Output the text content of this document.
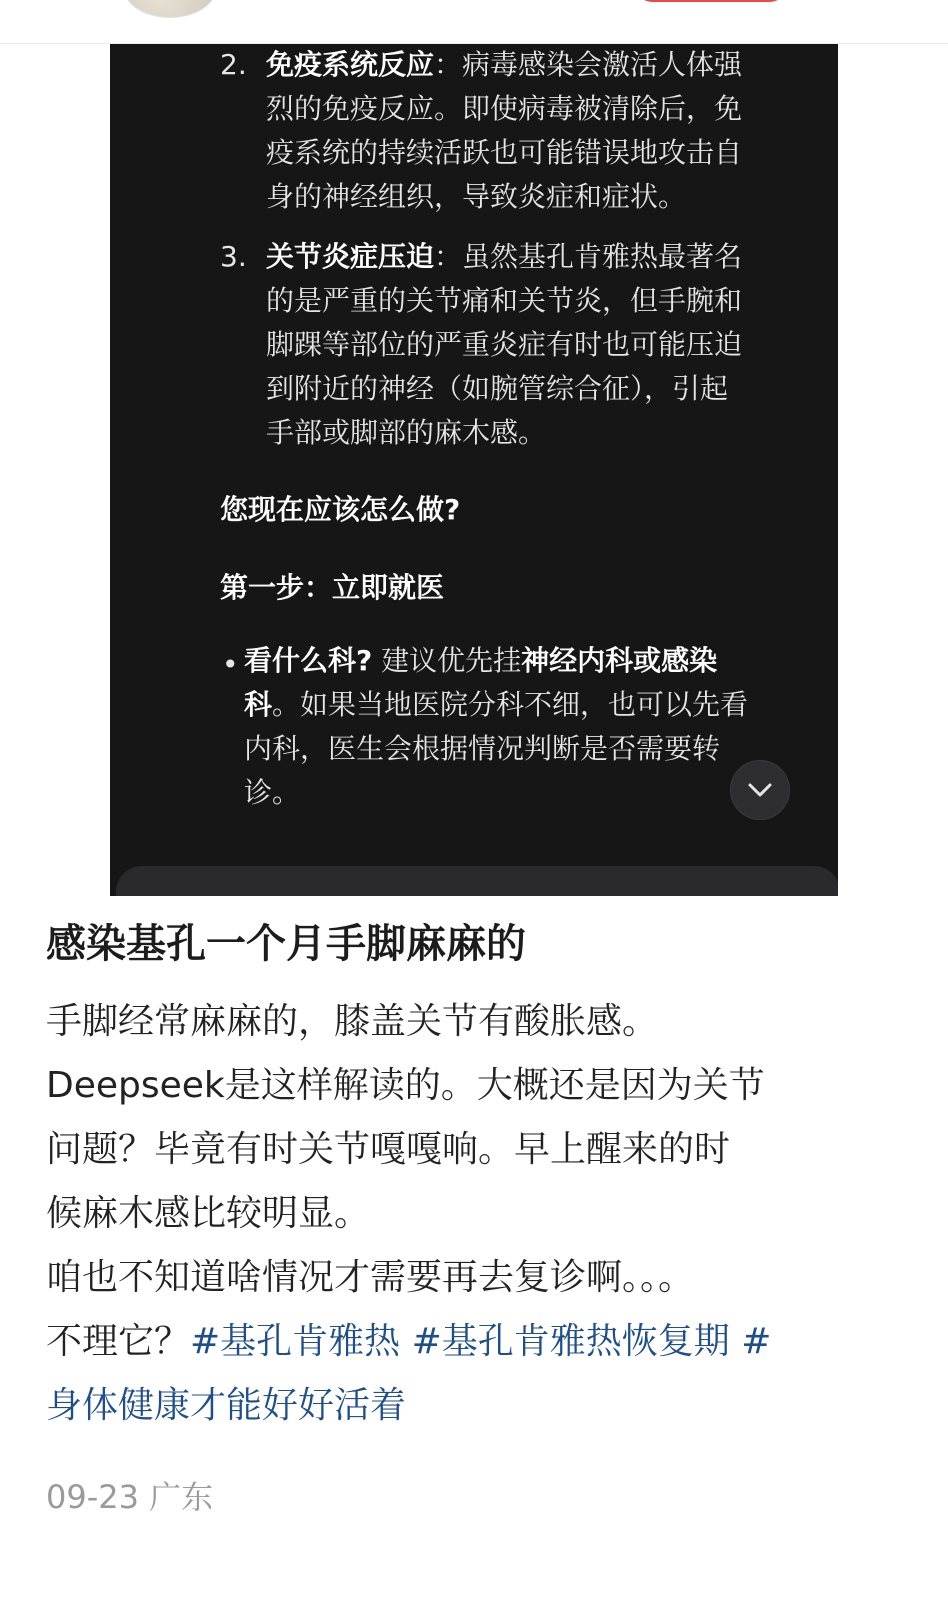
2. 免疫系统反应：病毒感染会激活人体强
烈的免疫反应。即使病毒被清除后，免
疫系统的持续活跃也可能错误地攻击自
身的神经组织，导致炎症和症状。
3. 关节炎症压迫：虽然基孔肯雅热最著名
的是严重的关节痛和关节炎，但手腕和
脚踝等部位的严重炎症有时也可能压迫
到附近的神经（如腕管综合征），引起
手部或脚部的麻木感。
您现在应该怎么做?
第一步：立即就医
• 看什么科? 建议优先挂神经内科或感染
科。如果当地医院分科不细，也可以先看
内科，医生会根据情况判断是否需要转
诊。
感染基孔一个月手脚麻麻的
手脚经常麻麻的，膝盖关节有酸胀感。
Deepseek是这样解读的。大概还是因为关节
问题？毕竟有时关节嘎嘎响。早上醒来的时
候麻木感比较明显。
咱也不知道啥情况才需要再去复诊啊。。。
不理它？#基孔肯雅热 #基孔肯雅热恢复期 #
身体健康才能好好活着
09-23 广东
